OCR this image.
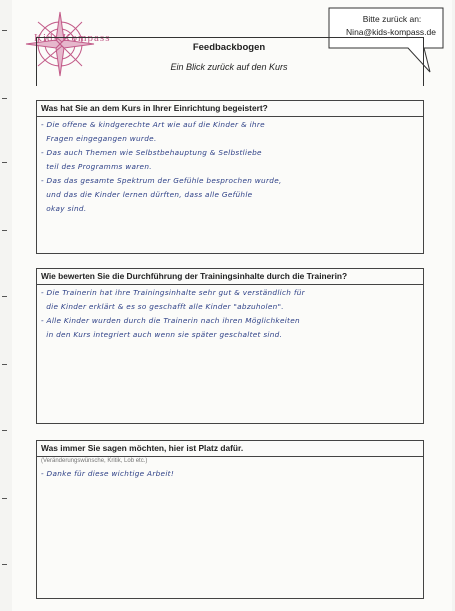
Kids Kompass
Bitte zurück an:
Nina@kids-kompass.de
Feedbackbogen
Ein Blick zurück auf den Kurs
Was hat Sie an dem Kurs in Ihrer Einrichtung begeistert?

- Die offene & kindgerechte Art wie auf die Kinder & ihre
Fragen eingegangen wurde.

- Das auch Themen wie Selbstbehauptung & Selbstliebe
teil des Programms waren.

- Das das gesamte Spektrum der Gefühle besprochen wurde,
und das die Kinder lernen dürften, dass alle Gefühle
okay sind.

Wie bewerten Sie die Durchführung der Trainingsinhalte durch die Trainerin?

- Die Trainerin hat ihre Trainingsinhalte sehr gut & verständlich für
die Kinder erklärt & es so geschafft alle Kinder "abzuholen".

- Alle Kinder wurden durch die Trainerin nach ihren Möglichkeiten
in den Kurs integriert auch wenn sie später geschaltet sind.

Was immer Sie sagen möchten, hier ist Platz dafür.
(Veränderungswünsche, Kritik, Lob etc.)

- Danke für diese wichtige Arbeit!
